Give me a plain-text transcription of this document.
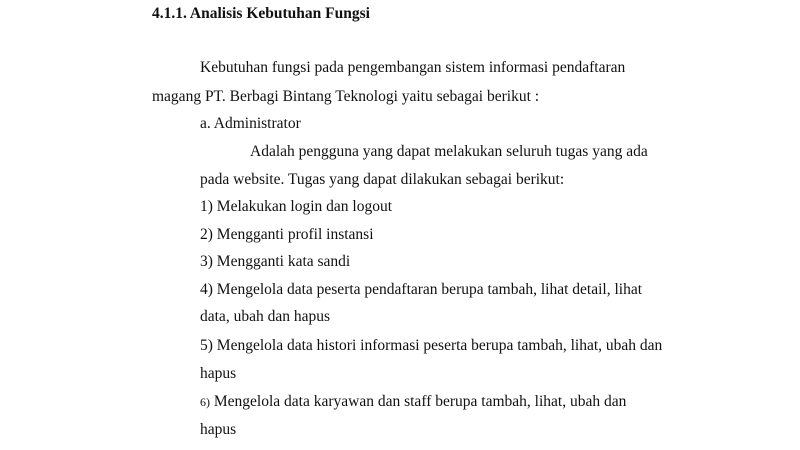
4.1.1. Analisis Kebutuhan Fungsi
Kebutuhan fungsi pada pengembangan sistem informasi pendaftaran
magang PT. Berbagi Bintang Teknologi yaitu sebagai berikut :
a. Administrator
Adalah pengguna yang dapat melakukan seluruh tugas yang ada
pada website. Tugas yang dapat dilakukan sebagai berikut:
1) Melakukan login dan logout
2) Mengganti profil instansi
3) Mengganti kata sandi
4) Mengelola data peserta pendaftaran berupa tambah, lihat detail, lihat
data, ubah dan hapus
5) Mengelola data histori informasi peserta berupa tambah, lihat, ubah dan
hapus
6) Mengelola data karyawan dan staff berupa tambah, lihat, ubah dan
hapus
